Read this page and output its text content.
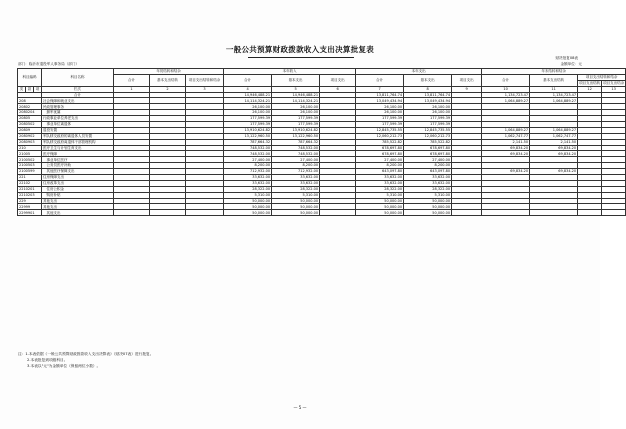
财决批复08表
一般公共预算财政拨款收入支出决算批复表
部门：临沂市退役军人事务局（部门）	金额单位：元
科目编码			科目名称	年初结转和结余			本年收入			本年支出			年末结转和结余			
				合计	基本支出结转	项目支出结转和结余	合计	基本支出	项目支出	合计	基本支出	项目支出	合计	基本支出结转	项目支出结转和结余	
															项目支出结转	项目支出结余
类	款	项	栏次	1	2	3	4	5	6	7	8	9	10	11	12	13
			合计				14,946,488.21	14,946,488.21		13,811,764.74	13,811,764.74		1,134,723.47	1,134,723.47		
208			社会保障和就业支出				14,114,324.21	14,114,324.21		13,049,434.94	13,049,434.94		1,064,889.27	1,064,889.27		
20802			民政管理事务				26,100.00	26,100.00		26,100.00	26,100.00					
2080204			　拥军优属				26,100.00	26,100.00		26,100.00	26,100.00					
20805			行政事业单位养老支出				177,599.39	177,599.39		177,599.39	177,599.39					
2080502			　事业单位离退休				177,599.39	177,599.39		177,599.39	177,599.39					
20809			退役安置				13,910,624.82	13,910,624.82		12,845,735.55	12,845,735.55		1,064,889.27	1,064,889.27		
2080902			军队移交政府的离退休人员安置				13,122,960.50	13,122,960.50		12,060,212.73	12,060,212.73		1,062,747.77	1,062,747.77		
2080903			军队移交政府离退休干部管理机构				787,664.32	787,664.32		785,522.82	785,522.82		2,141.50	2,141.50		
210			医疗卫生与计划生育支出				748,532.00	748,532.00		678,697.80	678,697.80		69,834.20	69,834.20		
21005			医疗保障				748,532.00	748,532.00		678,697.80	678,697.80		69,834.20	69,834.20		
2100502			　事业单位医疗				27,400.00	27,400.00		27,400.00	27,400.00					
2100503			　公务员医疗补助				8,200.00	8,200.00		8,200.00	8,200.00					
2100599			　其他医疗保障支出				712,932.00	712,932.00		643,097.80	643,097.80		69,834.20	69,834.20		
221			住房保障支出				33,632.00	33,632.00		33,632.00	33,632.00					
22102			住房改革支出				33,632.00	33,632.00		33,632.00	33,632.00					
2210201			　住房公积金				28,322.00	28,322.00		28,322.00	28,322.00					
2210203			　购房补贴				5,310.00	5,310.00		5,310.00	5,310.00					
229			其他支出				50,000.00	50,000.00		50,000.00	50,000.00					
22999			其他支出				50,000.00	50,000.00		50,000.00	50,000.00					
2299901			　其他支出				50,000.00	50,000.00		50,000.00	50,000.00					
注：1.本表依据《一般公共预算财政拨款收入支出决算表》（财决07表）进行批复。
2.本表批复到项级科目。
3.本表以"元"为金额单位（保留两位小数）。
— 5 —
